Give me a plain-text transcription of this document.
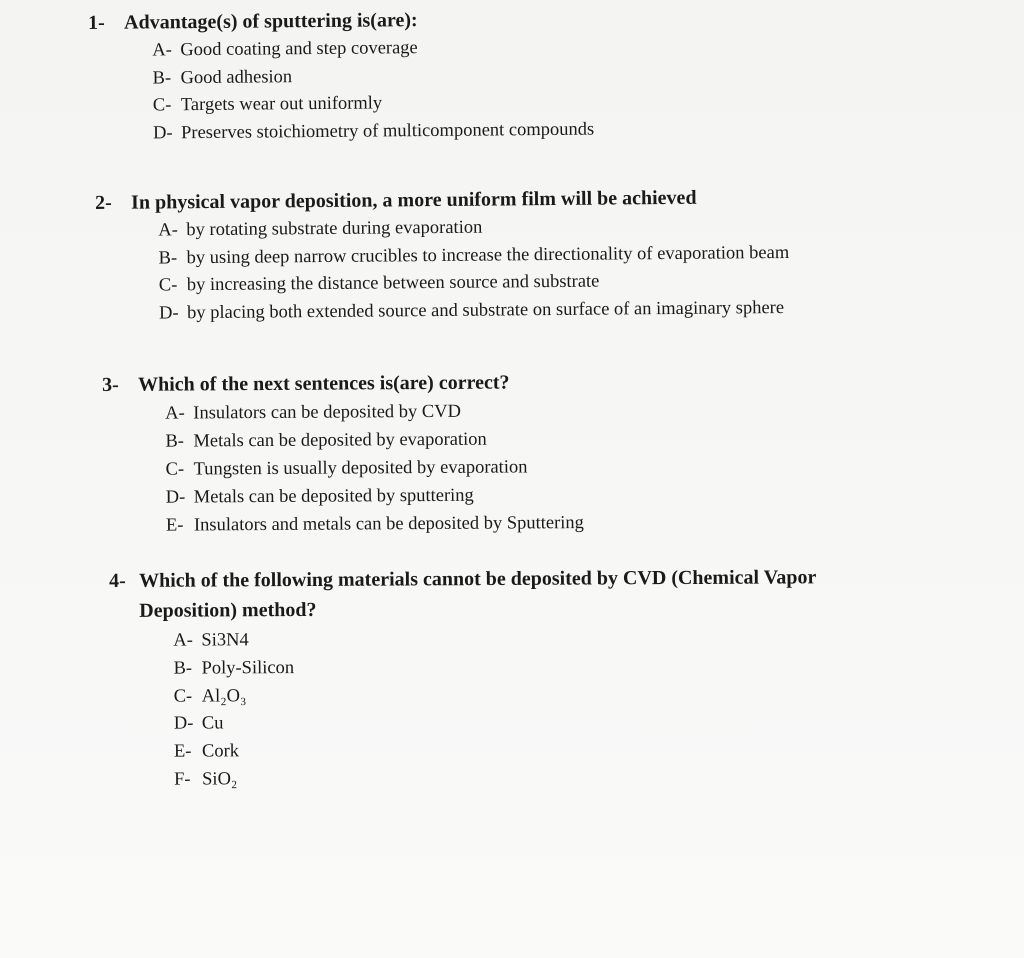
1- Advantage(s) of sputtering is(are):
A- Good coating and step coverage
B- Good adhesion
C- Targets wear out uniformly
D- Preserves stoichiometry of multicomponent compounds
2- In physical vapor deposition, a more uniform film will be achieved
A- by rotating substrate during evaporation
B- by using deep narrow crucibles to increase the directionality of evaporation beam
C- by increasing the distance between source and substrate
D- by placing both extended source and substrate on surface of an imaginary sphere
3- Which of the next sentences is(are) correct?
A- Insulators can be deposited by CVD
B- Metals can be deposited by evaporation
C- Tungsten is usually deposited by evaporation
D- Metals can be deposited by sputtering
E- Insulators and metals can be deposited by Sputtering
4- Which of the following materials cannot be deposited by CVD (Chemical Vapor Deposition) method?
A- Si3N4
B- Poly-Silicon
C- Al₂O₃
D- Cu
E- Cork
F- SiO₂
